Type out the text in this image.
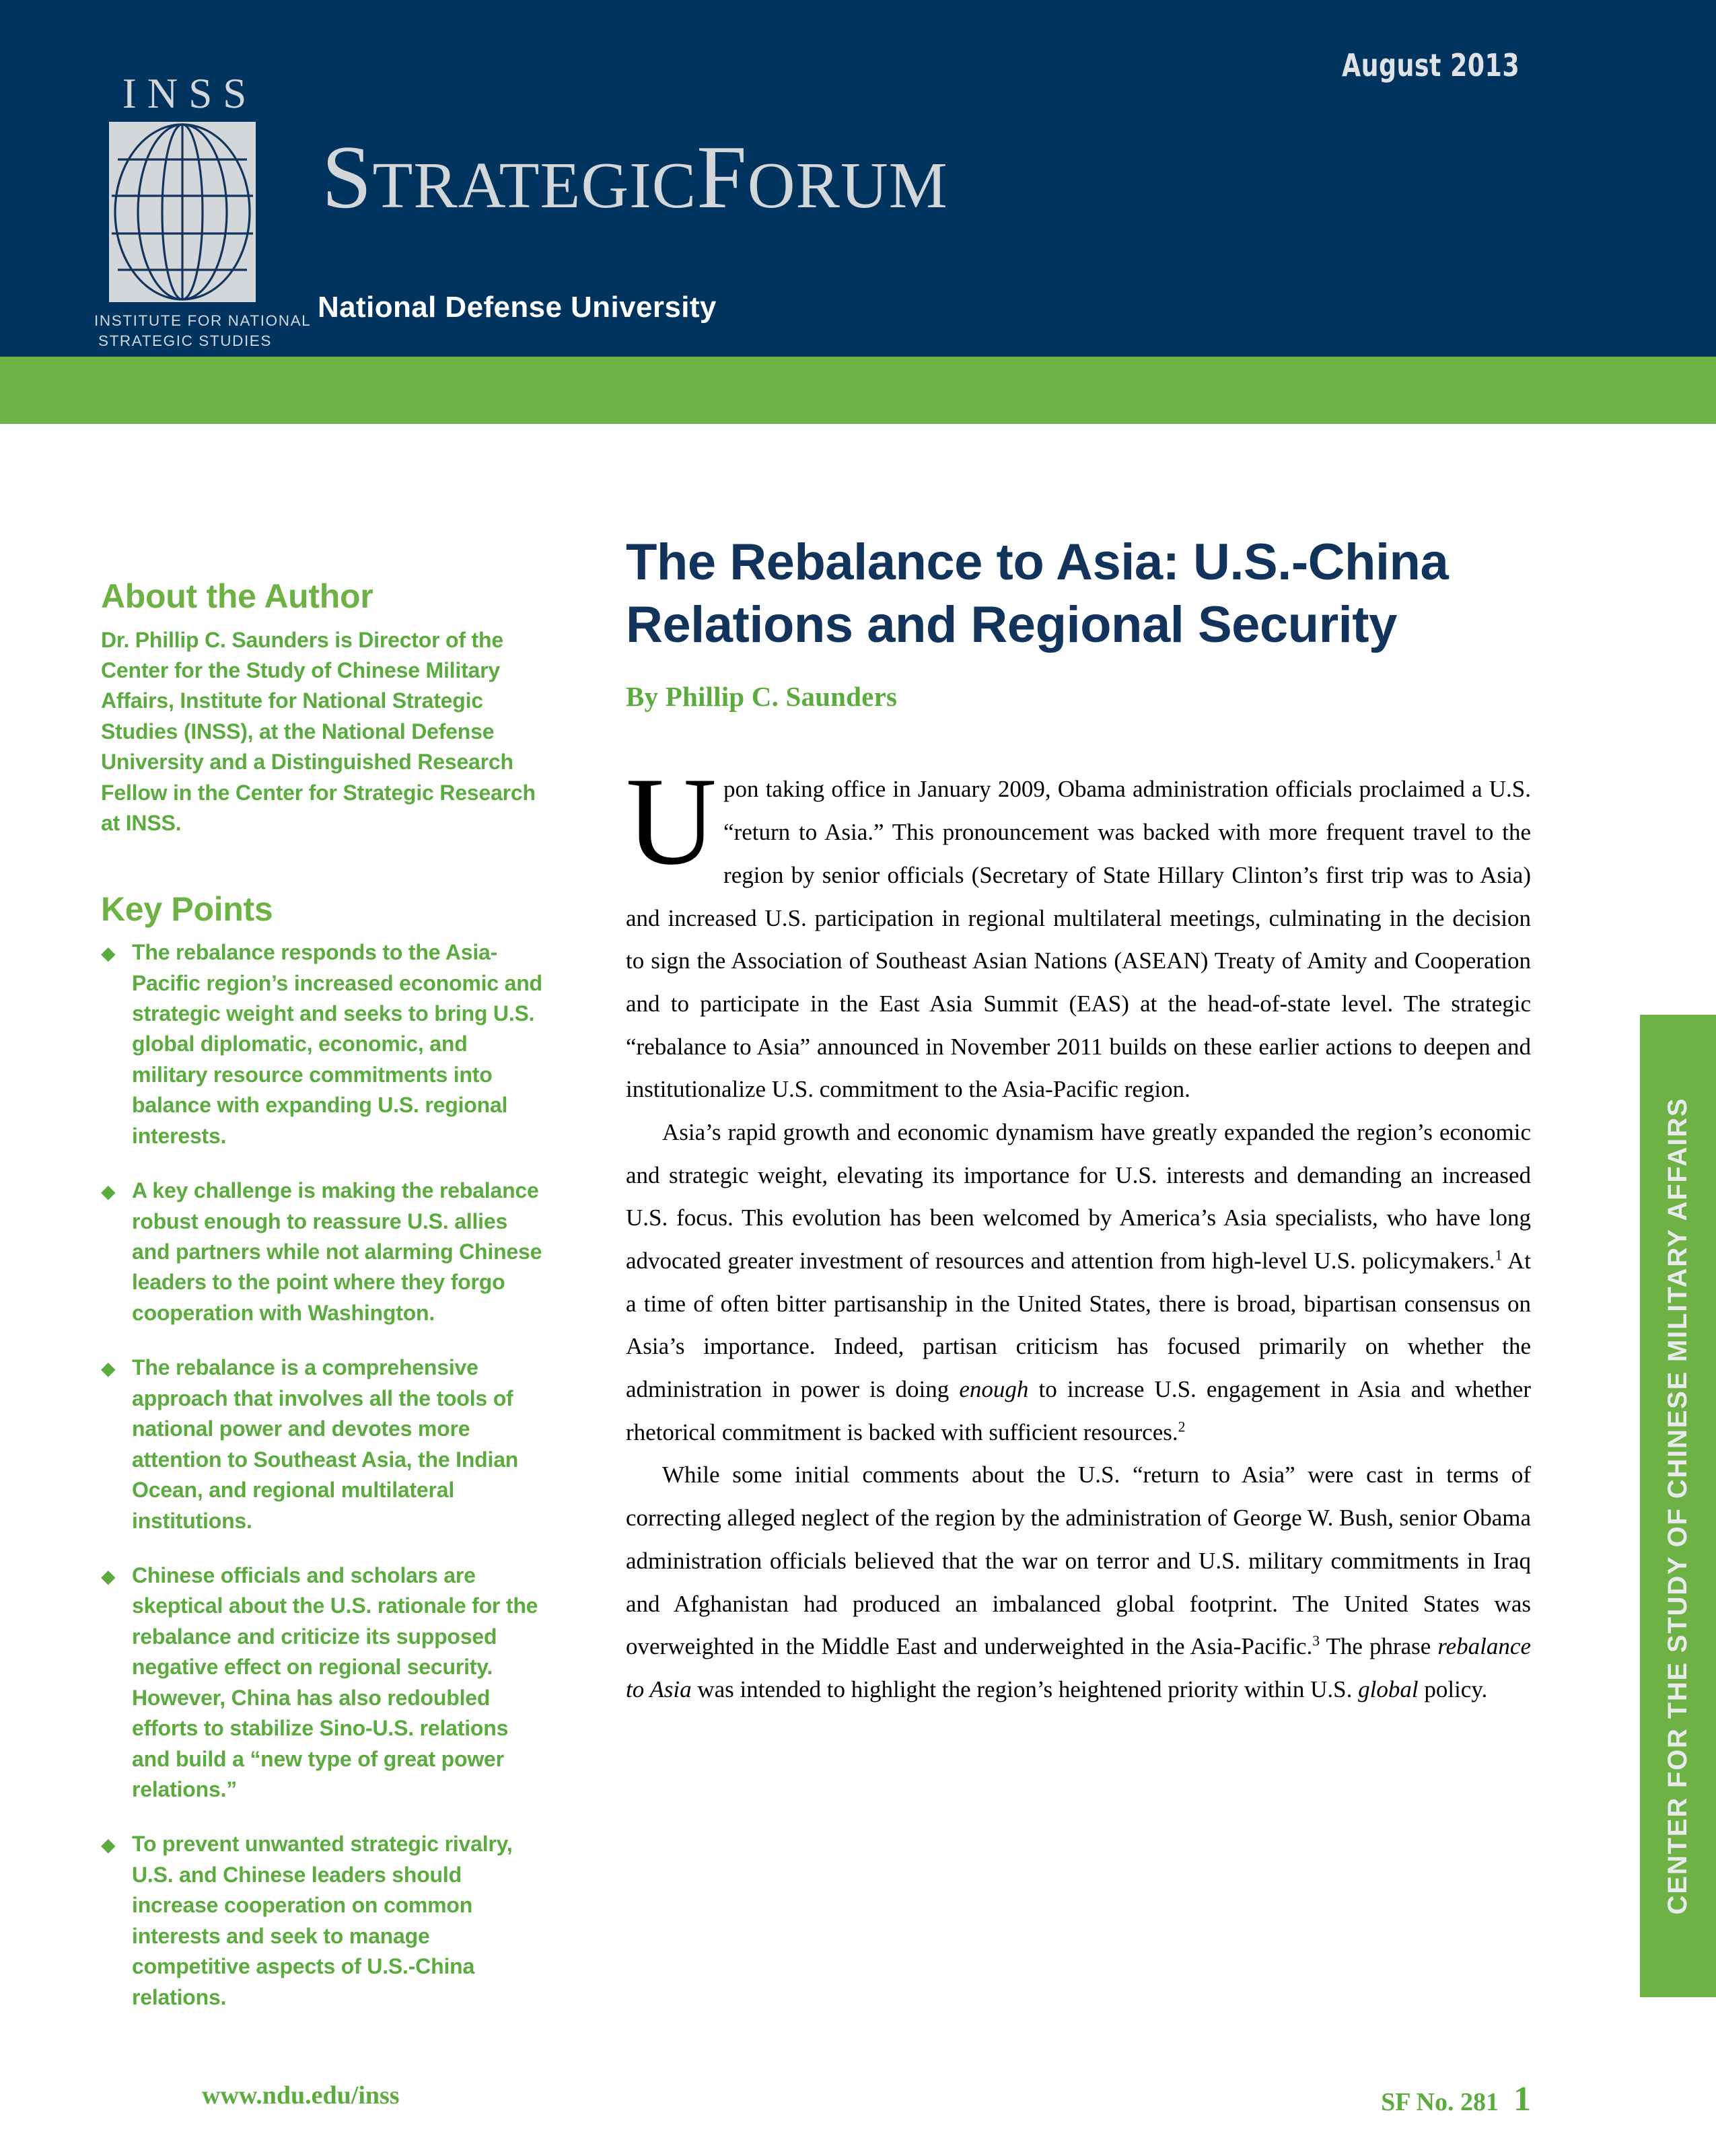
August 2013
INSS
INSTITUTE FOR NATIONAL
STRATEGIC STUDIES
STRATEGICFORUM
National Defense University
About the Author
Dr. Phillip C. Saunders is Director of the Center for the Study of Chinese Military Affairs, Institute for National Strategic Studies (INSS), at the National Defense University and a Distinguished Research Fellow in the Center for Strategic Research at INSS.
Key Points
◆ The rebalance responds to the Asia-Pacific region’s increased economic and strategic weight and seeks to bring U.S. global diplomatic, economic, and military resource commitments into balance with expanding U.S. regional interests.
◆ A key challenge is making the rebalance robust enough to reassure U.S. allies and partners while not alarming Chinese leaders to the point where they forgo cooperation with Washington.
◆ The rebalance is a comprehensive approach that involves all the tools of national power and devotes more attention to Southeast Asia, the Indian Ocean, and regional multilateral institutions.
◆ Chinese officials and scholars are skeptical about the U.S. rationale for the rebalance and criticize its supposed negative effect on regional security. However, China has also redoubled efforts to stabilize Sino-U.S. relations and build a “new type of great power relations.”
◆ To prevent unwanted strategic rivalry, U.S. and Chinese leaders should increase cooperation on common interests and seek to manage competitive aspects of U.S.-China relations.
The Rebalance to Asia: U.S.-China Relations and Regional Security
By Phillip C. Saunders

Upon taking office in January 2009, Obama administration officials proclaimed a U.S. “return to Asia.” This pronouncement was backed with more frequent travel to the region by senior officials (Secretary of State Hillary Clinton’s first trip was to Asia) and increased U.S. participation in regional multilateral meetings, culminating in the decision to sign the Association of Southeast Asian Nations (ASEAN) Treaty of Amity and Cooperation and to participate in the East Asia Summit (EAS) at the head-of-state level. The strategic “rebalance to Asia” announced in November 2011 builds on these earlier actions to deepen and institutionalize U.S. commitment to the Asia-Pacific region.

Asia’s rapid growth and economic dynamism have greatly expanded the region’s economic and strategic weight, elevating its importance for U.S. interests and demanding an increased U.S. focus. This evolution has been welcomed by America’s Asia specialists, who have long advocated greater investment of resources and attention from high-level U.S. policymakers.$^1$ At a time of often bitter partisanship in the United States, there is broad, bipartisan consensus on Asia’s importance. Indeed, partisan criticism has focused primarily on whether the administration in power is doing enough to increase U.S. engagement in Asia and whether rhetorical commitment is backed with sufficient resources.$^2$

While some initial comments about the U.S. “return to Asia” were cast in terms of correcting alleged neglect of the region by the administration of George W. Bush, senior Obama administration officials believed that the war on terror and U.S. military commitments in Iraq and Afghanistan had produced an imbalanced global footprint. The United States was overweighted in the Middle East and underweighted in the Asia-Pacific.$^3$ The phrase rebalance to Asia was intended to highlight the region’s heightened priority within U.S. global policy.	CENTER FOR THE STUDY OF CHINESE MILITARY AFFAIRS
www.ndu.edu/inss	SF No. 281 1
